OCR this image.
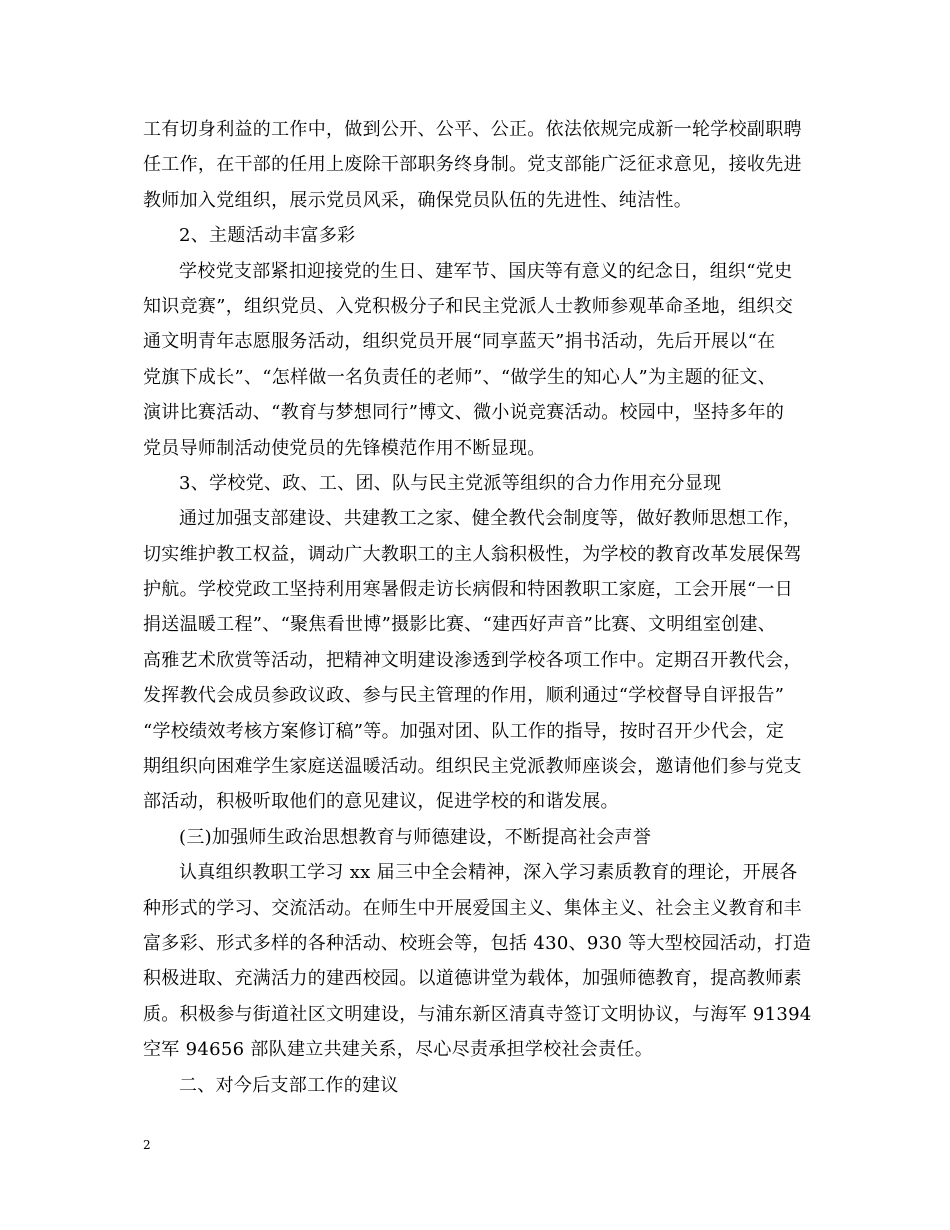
工有切身利益的工作中，做到公开、公平、公正。依法依规完成新一轮学校副职聘
任工作，在干部的任用上废除干部职务终身制。党支部能广泛征求意见，接收先进
教师加入党组织，展示党员风采，确保党员队伍的先进性、纯洁性。
2、主题活动丰富多彩
学校党支部紧扣迎接党的生日、建军节、国庆等有意义的纪念日，组织“党史
知识竞赛”，组织党员、入党积极分子和民主党派人士教师参观革命圣地，组织交
通文明青年志愿服务活动，组织党员开展“同享蓝天”捐书活动，先后开展以“在
党旗下成长”、“怎样做一名负责任的老师”、“做学生的知心人”为主题的征文、
演讲比赛活动、“教育与梦想同行”博文、微小说竞赛活动。校园中，坚持多年的
党员导师制活动使党员的先锋模范作用不断显现。
3、学校党、政、工、团、队与民主党派等组织的合力作用充分显现
通过加强支部建设、共建教工之家、健全教代会制度等，做好教师思想工作，
切实维护教工权益，调动广大教职工的主人翁积极性，为学校的教育改革发展保驾
护航。学校党政工坚持利用寒暑假走访长病假和特困教职工家庭，工会开展“一日
捐送温暖工程”、“聚焦看世博”摄影比赛、“建西好声音”比赛、文明组室创建、
高雅艺术欣赏等活动，把精神文明建设渗透到学校各项工作中。定期召开教代会，
发挥教代会成员参政议政、参与民主管理的作用，顺利通过“学校督导自评报告”
“学校绩效考核方案修订稿”等。加强对团、队工作的指导，按时召开少代会，定
期组织向困难学生家庭送温暖活动。组织民主党派教师座谈会，邀请他们参与党支
部活动，积极听取他们的意见建议，促进学校的和谐发展。
(三)加强师生政治思想教育与师德建设，不断提高社会声誉
认真组织教职工学习 xx 届三中全会精神，深入学习素质教育的理论，开展各
种形式的学习、交流活动。在师生中开展爱国主义、集体主义、社会主义教育和丰
富多彩、形式多样的各种活动、校班会等，包括 430、930 等大型校园活动，打造
积极进取、充满活力的建西校园。以道德讲堂为载体，加强师德教育，提高教师素
质。积极参与街道社区文明建设，与浦东新区清真寺签订文明协议，与海军 91394
空军 94656 部队建立共建关系，尽心尽责承担学校社会责任。
二、对今后支部工作的建议
2
